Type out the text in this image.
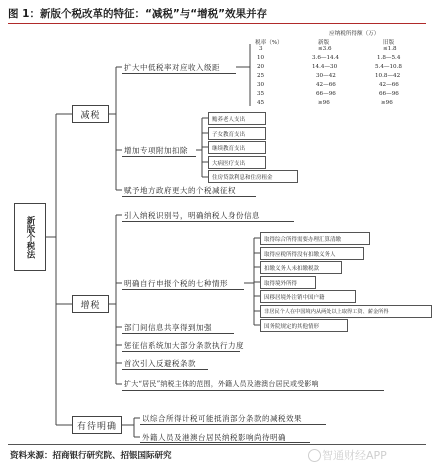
图 1：新版个税改革的特征：“减税”与“增税”效果并存
新版个税法
减税
增税
有待明确
扩大中低税率对应收入级距
增加专项附加扣除
赋予地方政府更大的个税减征权
赡养老人支出
子女教育支出
继续教育支出
大病医疗支出
住房贷款利息和住房租金
应纳税所得额（万）
税率（%）	新版	旧版
3	≤3.6	≤1.8
10	3.6—14.4	1.8—5.4
20	14.4—30	5.4—10.8
25	30—42	10.8—42
30	42—66	42—66
35	66—96	66—96
45	≥96	≥96
引入纳税识别号，明确纳税人身份信息
明确自行申报个税的七种情形
部门间信息共享得到加强
惩征信系统加大部分条款执行力度
首次引入反避税条款
扩大“居民”纳税主体的范围，外籍人员及港澳台居民或受影响
取得综合所得需要办理汇算清缴
取得应税所得没有扣缴义务人
扣缴义务人未扣缴税款
取得境外所得
因移居境外注销中国户籍
非居民个人在中国境内从两处以上取得工资、薪金所得
国务院规定的其他情形
以综合所得计税可能抵消部分条款的减税效果
外籍人员及港澳台居民纳税影响尚待明确
资料来源：招商银行研究院、招银国际研究	智通财经APP
